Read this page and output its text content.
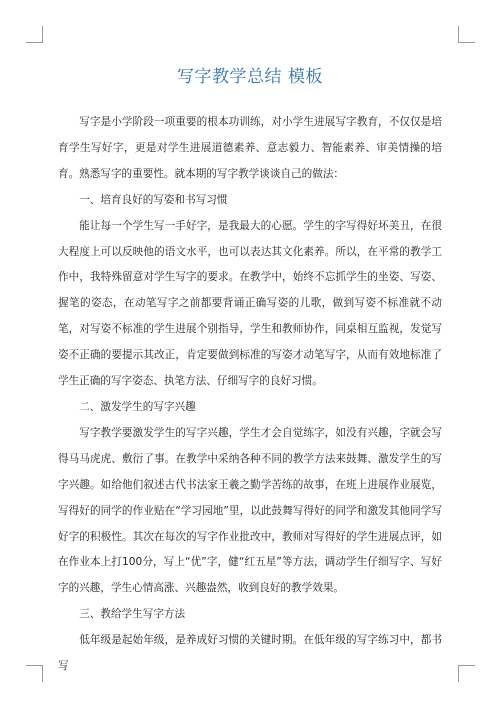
写字教学总结 模板

写字是小学阶段一项重要的根本功训练，对小学生进展写字教育，不仅仅是培育学生写好字，更是对学生进展道德素养、意志毅力、智能素养、审美情操的培育。熟悉写字的重要性。就本期的写字教学谈谈自己的做法：

一、培育良好的写姿和书写习惯

能让每一个学生写一手好字，是我最大的心愿。学生的字写得好坏美丑，在很大程度上可以反映他的语文水平，也可以表达其文化素养。所以，在平常的教学工作中，我特殊留意对学生写字的要求。在教学中，始终不忘抓学生的坐姿、写姿、握笔的姿态，在动笔写字之前都要背诵正确写姿的儿歌，做到写姿不标准就不动笔，对写姿不标准的学生进展个别指导，学生和教师协作，同桌相互监视，发觉写姿不正确的要提示其改正，肯定要做到标准的写姿才动笔写字，从而有效地标准了学生正确的写字姿态、执笔方法、仔细写字的良好习惯。

二、激发学生的写字兴趣

写字教学要激发学生的写字兴趣，学生才会自觉练字，如没有兴趣，字就会写得马马虎虎、敷衍了事。在教学中采纳各种不同的教学方法来鼓舞、激发学生的写字兴趣。如给他们叙述古代书法家王羲之勤学苦练的故事，在班上进展作业展览，写得好的同学的作业贴在“学习园地”里，以此鼓舞写得好的同学和激发其他同学写好字的积极性。其次在每次的写字作业批改中，教师对写得好的学生进展点评，如在作业本上打100分，写上“优”字，健“红五星”等方法，调动学生仔细写字、写好字的兴趣，学生心情高涨、兴趣盎然，收到良好的教学效果。

三、教给学生写字方法

低年级是起始年级，是养成好习惯的关键时期。在低年级的写字练习中，都书写
